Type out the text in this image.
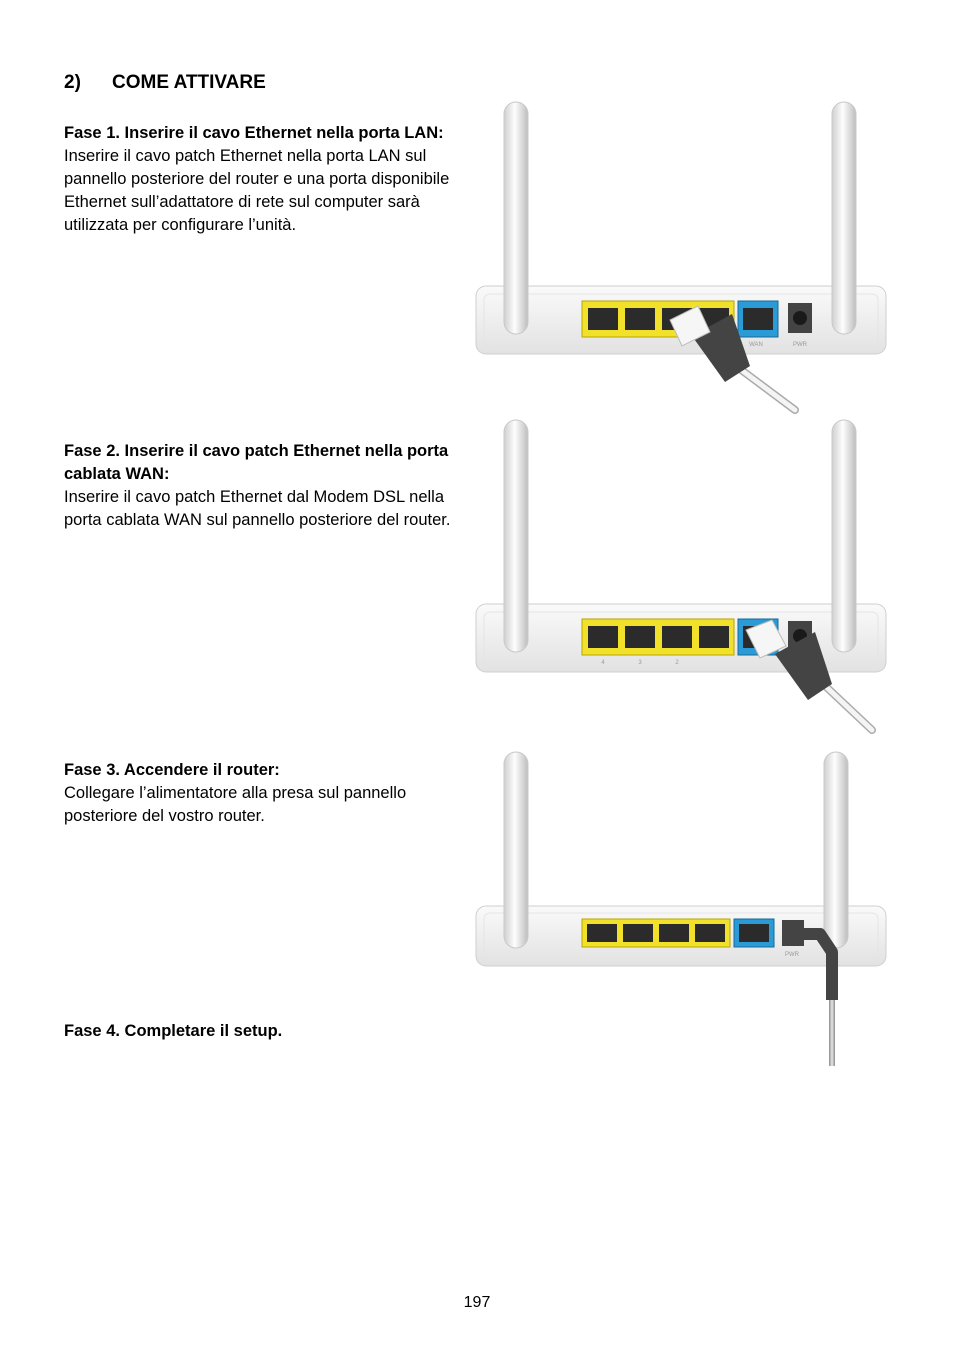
2) COME ATTIVARE
Fase 1. Inserire il cavo Ethernet nella porta LAN:
Inserire il cavo patch Ethernet nella porta LAN sul pannello posteriore del router e una porta disponibile Ethernet sull’adattatore di rete sul computer sarà utilizzata per configurare l’unità.
Fase 2. Inserire il cavo patch Ethernet nella porta cablata WAN:
Inserire il cavo patch Ethernet dal Modem DSL nella porta cablata WAN sul pannello posteriore del router.
Fase 3. Accendere il router:
Collegare l’alimentatore alla presa sul pannello posteriore del vostro router.
Fase 4. Completare il setup.
WAN	PWR
4	3	2
PWR
197
